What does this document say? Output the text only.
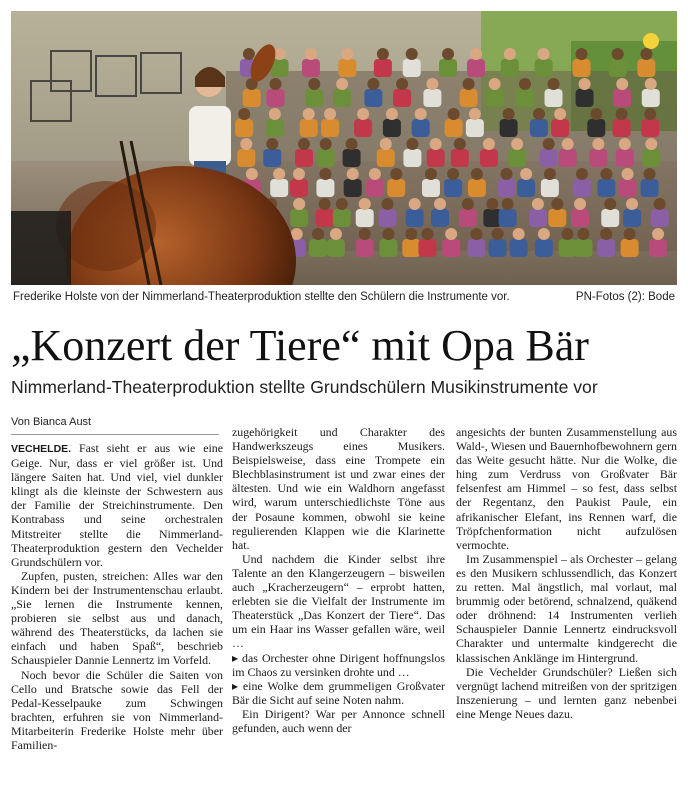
Frederike Holste von der Nimmerland-Theaterproduktion stellte den Schülern die Instrumente vor.	PN-Fotos (2): Bode
„Konzert der Tiere“ mit Opa Bär
Nimmerland-Theaterproduktion stellte Grundschülern Musikinstrumente vor
Von Bianca Aust

VECHELDE. Fast sieht er aus wie eine Geige. Nur, dass er viel größer ist. Und längere Saiten hat. Und viel, viel dunkler klingt als die kleinste der Schwestern aus der Familie der Streichinstrumente. Den Kontrabass und seine orchestralen Mitstreiter stellte die Nimmerland-Theaterproduktion gestern den Vechelder Grundschülern vor.

Zupfen, pusten, streichen: Alles war den Kindern bei der Instrumentenschau erlaubt. „Sie lernen die Instrumente kennen, probieren sie selbst aus und danach, während des Theaterstücks, da lachen sie einfach und haben Spaß“, beschrieb Schauspieler Dannie Lennertz im Vorfeld.

Noch bevor die Schüler die Saiten von Cello und Bratsche sowie das Fell der Pedal-Kesselpauke zum Schwingen brachten, erfuhren sie von Nimmerland-Mitarbeiterin Frederike Holste mehr über Familien-

zugehörigkeit und Charakter des Handwerkszeugs eines Musikers. Beispielsweise, dass eine Trompete ein Blechblasinstrument ist und zwar eines der ältesten. Und wie ein Waldhorn angefasst wird, warum unterschiedlichste Töne aus der Posaune kommen, obwohl sie keine regulierenden Klappen wie die Klarinette hat.

Und nachdem die Kinder selbst ihre Talente an den Klangerzeugern – bisweilen auch „Kracherzeugern“ – erprobt hatten, erlebten sie die Vielfalt der Instrumente im Theaterstück „Das Konzert der Tiere“. Das um ein Haar ins Wasser gefallen wäre, weil …

▸ das Orchester ohne Dirigent hoffnungslos im Chaos zu versinken drohte und …

▸ eine Wolke dem grummeligen Großvater Bär die Sicht auf seine Noten nahm.

Ein Dirigent? War per Annonce schnell gefunden, auch wenn der

angesichts der bunten Zusammenstellung aus Wald-, Wiesen und Bauernhofbewohnern gern das Weite gesucht hätte. Nur die Wolke, die hing zum Verdruss von Großvater Bär felsenfest am Himmel – so fest, dass selbst der Regentanz, den Paukist Paule, ein afrikanischer Elefant, ins Rennen warf, die Tröpfchenformation nicht aufzulösen vermochte.

Im Zusammenspiel – als Orchester – gelang es den Musikern schlussendlich, das Konzert zu retten. Mal ängstlich, mal vorlaut, mal brummig oder betörend, schnalzend, quäkend oder dröhnend: 14 Instrumenten verlieh Schauspieler Dannie Lennertz eindrucksvoll Charakter und untermalte kindgerecht die klassischen Anklänge im Hintergrund.

Die Vechelder Grundschüler? Ließen sich vergnügt lachend mitreißen von der spritzigen Inszenierung – und lernten ganz nebenbei eine Menge Neues dazu.
